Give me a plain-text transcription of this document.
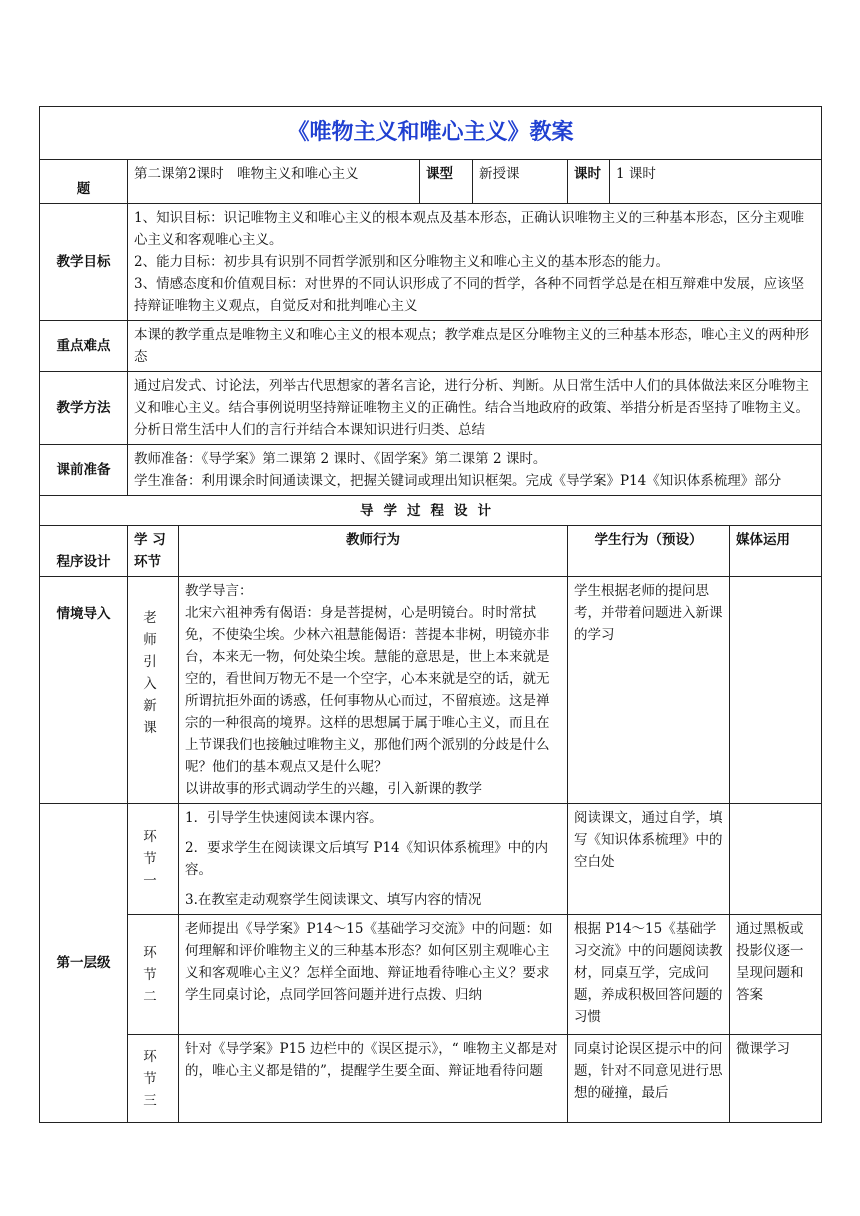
《唯物主义和唯心主义》教案							
题	第二课第2课时　唯物主义和唯心主义		课型	新授课	课时	1 课时	
教学目标	1、知识目标：识记唯物主义和唯心主义的根本观点及基本形态，正确认识唯物主义的三种基本形态，区分主观唯心主义和客观唯心主义。

2、能力目标：初步具有识别不同哲学派别和区分唯物主义和唯心主义的基本形态的能力。

3、情感态度和价值观目标：对世界的不同认识形成了不同的哲学，各种不同哲学总是在相互辩难中发展，应该坚持辩证唯物主义观点，自觉反对和批判唯心主义						

重点难点	本课的教学重点是唯物主义和唯心主义的根本观点；教学难点是区分唯物主义的三种基本形态，唯心主义的两种形态						
教学方法	通过启发式、讨论法，列举古代思想家的著名言论，进行分析、判断。从日常生活中人们的具体做法来区分唯物主义和唯心主义。结合事例说明坚持辩证唯物主义的正确性。结合当地政府的政策、举措分析是否坚持了唯物主义。分析日常生活中人们的言行并结合本课知识进行归类、总结						
课前准备	教师准备：《导学案》第二课第 2 课时、《固学案》第二课第 2 课时。

学生准备：利用课余时间通读课文，把握关键词或理出知识框架。完成《导学案》P14《知识体系梳理》部分						

导学过程设计							
程序设计	学 习 环节	教师行为			学生行为（预设）		媒体运用
情境导入	老 师 引 入 新课	教学导言：

北宋六祖神秀有偈语：身是菩提树，心是明镜台。时时常拭免，不使染尘埃。少林六祖慧能偈语：菩提本非树，明镜亦非台，本来无一物，何处染尘埃。慧能的意思是，世上本来就是空的，看世间万物无不是一个空字，心本来就是空的话，就无所谓抗拒外面的诱惑，任何事物从心而过，不留痕迹。这是禅宗的一种很高的境界。这样的思想属于属于唯心主义，而且在上节课我们也接触过唯物主义，那他们两个派别的分歧是什么呢？他们的基本观点又是什么呢？

以讲故事的形式调动学生的兴趣，引入新课的教学			学生根据老师的提问思考，并带着问题进入新课的学习		
第一层级	环 节 一	1．引导学生快速阅读本课内容。

2．要求学生在阅读课文后填写 P14《知识体系梳理》中的内容。

3.在教室走动观察学生阅读课文、填写内容的情况			阅读课文，通过自学，填写《知识体系梳理》中的空白处		
	环 节 二	老师提出《导学案》P14～15《基础学习交流》中的问题：如何理解和评价唯物主义的三种基本形态？如何区别主观唯心主义和客观唯心主义？怎样全面地、辩证地看待唯心主义？要求学生同桌讨论，点同学回答问题并进行点拨、归纳			根据 P14～15《基础学习交流》中的问题阅读教材，同桌互学，完成问题，养成积极回答问题的习惯		通过黑板或投影仪逐一呈现问题和答案
	环 节 三	针对《导学案》P15 边栏中的《误区提示》，“ 唯物主义都是对的，唯心主义都是错的”，提醒学生要全面、辩证地看待问题			同桌讨论误区提示中的问题，针对不同意见进行思想的碰撞，最后		微课学习
